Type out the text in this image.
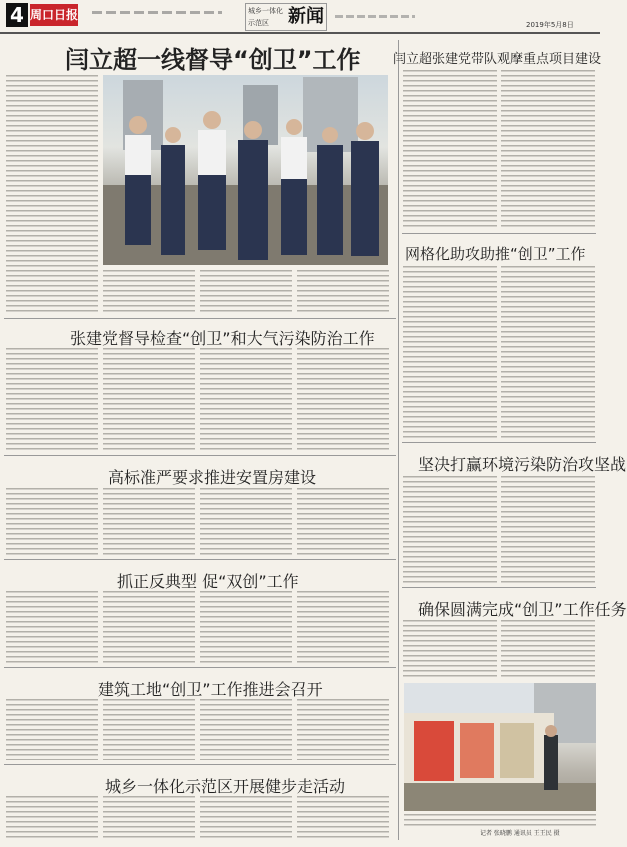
4 周口日报	城乡一体化
示范区 新闻	2019年5月8日
闫立超一线督导“创卫”工作 闫立超张建党带队观摩重点项目建设
网格化助攻助推“创卫”工作
坚决打赢环境污染防治攻坚战
确保圆满完成“创卫”工作任务
记者 张晓鹏 通讯员 王王民 摄
张建党督导检查“创卫”和大气污染防治工作
高标准严要求推进安置房建设
抓正反典型 促“双创”工作
建筑工地“创卫”工作推进会召开
城乡一体化示范区开展健步走活动
